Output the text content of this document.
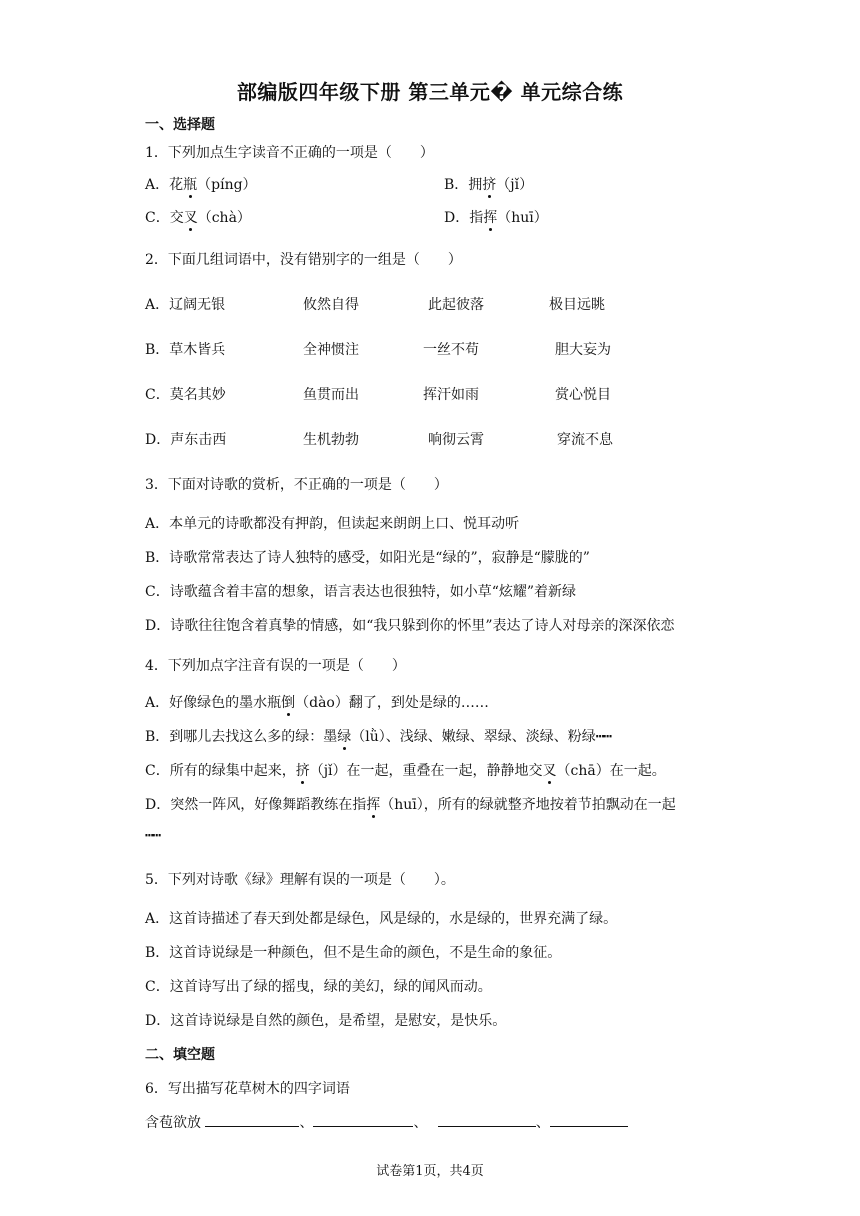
部编版四年级下册 第三单元� 单元综合练
一、选择题
1．下列加点生字读音不正确的一项是（　　）
A．花瓶（píng）	B．拥挤（jǐ）
C．交叉（chà）	D．指挥（huī）
2．下面几组词语中，没有错别字的一组是（　　）
A．辽阔无银	攸然自得	此起彼落	极目远眺
B．草木皆兵	全神惯注	一丝不苟	胆大妄为
C．莫名其妙	鱼贯而出	挥汗如雨	赏心悦目
D．声东击西	生机勃勃	响彻云霄	穿流不息
3．下面对诗歌的赏析，不正确的一项是（　　）
A．本单元的诗歌都没有押韵，但读起来朗朗上口、悦耳动听
B．诗歌常常表达了诗人独特的感受，如阳光是“绿的”，寂静是“朦胧的”
C．诗歌蕴含着丰富的想象，语言表达也很独特，如小草“炫耀”着新绿
D．诗歌往往饱含着真挚的情感，如“我只躲到你的怀里”表达了诗人对母亲的深深依恋
4．下列加点字注音有误的一项是（　　）
A．好像绿色的墨水瓶倒（dào）翻了，到处是绿的……
B．到哪儿去找这么多的绿：墨绿（lǜ）、浅绿、嫩绿、翠绿、淡绿、粉绿┅┅
C．所有的绿集中起来，挤（jǐ）在一起，重叠在一起，静静地交叉（chā）在一起。
D．突然一阵风，好像舞蹈教练在指挥（huī），所有的绿就整齐地按着节拍飘动在一起
┅┅
5．下列对诗歌《绿》理解有误的一项是（　　）。
A．这首诗描述了春天到处都是绿色，风是绿的，水是绿的，世界充满了绿。
B．这首诗说绿是一种颜色，但不是生命的颜色，不是生命的象征。
C．这首诗写出了绿的摇曳，绿的美幻，绿的闻风而动。
D．这首诗说绿是自然的颜色，是希望，是慰安，是快乐。
二、填空题
6．写出描写花草树木的四字词语
含苞欲放	、	、	、
试卷第1页，共4页
